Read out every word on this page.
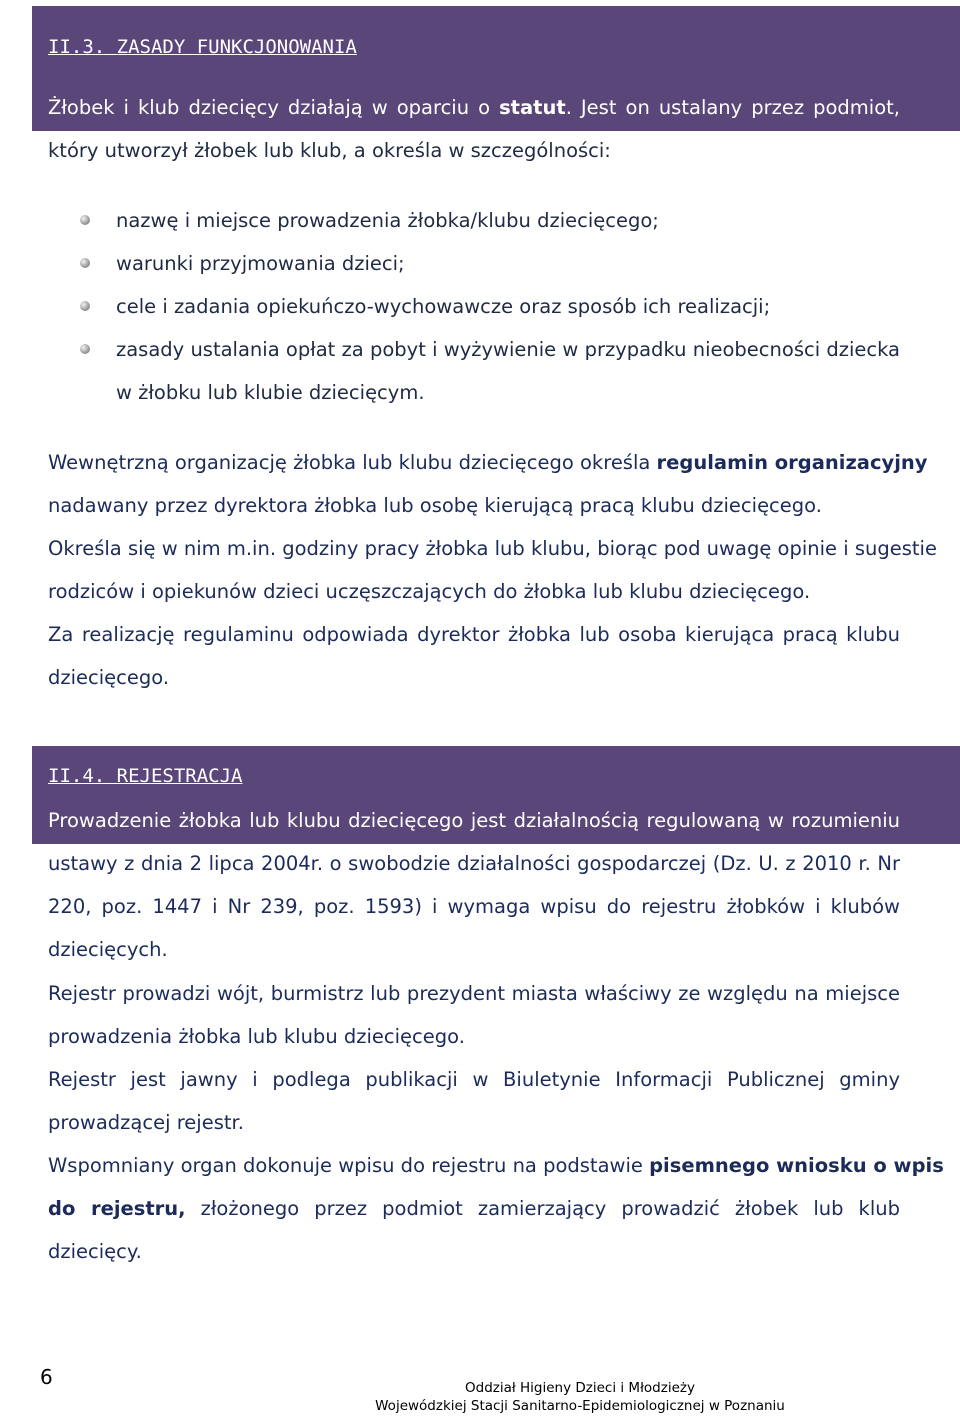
II.3. ZASADY FUNKCJONOWANIA
Żłobek i klub dziecięcy działają w oparciu o statut. Jest on ustalany przez podmiot,
który utworzył żłobek lub klub, a określa w szczególności:
nazwę i miejsce prowadzenia żłobka/klubu dziecięcego;
warunki przyjmowania dzieci;
cele i zadania opiekuńczo-wychowawcze oraz sposób ich realizacji;
zasady ustalania opłat za pobyt i wyżywienie w przypadku nieobecności dziecka
w żłobku lub klubie dziecięcym.
Wewnętrzną organizację żłobka lub klubu dziecięcego określa regulamin organizacyjny
nadawany przez dyrektora żłobka lub osobę kierującą pracą klubu dziecięcego.
Określa się w nim m.in. godziny pracy żłobka lub klubu, biorąc pod uwagę opinie i sugestie
rodziców i opiekunów dzieci uczęszczających do żłobka lub klubu dziecięcego.
Za realizację regulaminu odpowiada dyrektor żłobka lub osoba kierująca pracą klubu
dziecięcego.
II.4. REJESTRACJA
Prowadzenie żłobka lub klubu dziecięcego jest działalnością regulowaną w rozumieniu
ustawy z dnia 2 lipca 2004r. o swobodzie działalności gospodarczej (Dz. U. z 2010 r. Nr
220, poz. 1447 i Nr 239, poz. 1593) i wymaga wpisu do rejestru żłobków i klubów
dziecięcych.
Rejestr prowadzi wójt, burmistrz lub prezydent miasta właściwy ze względu na miejsce
prowadzenia żłobka lub klubu dziecięcego.
Rejestr jest jawny i podlega publikacji w Biuletynie Informacji Publicznej gminy
prowadzącej rejestr.
Wspomniany organ dokonuje wpisu do rejestru na podstawie pisemnego wniosku o wpis
do rejestru, złożonego przez podmiot zamierzający prowadzić żłobek lub klub
dziecięcy.
6	Oddział Higieny Dzieci i Młodzieży
Wojewódzkiej Stacji Sanitarno-Epidemiologicznej w Poznaniu
